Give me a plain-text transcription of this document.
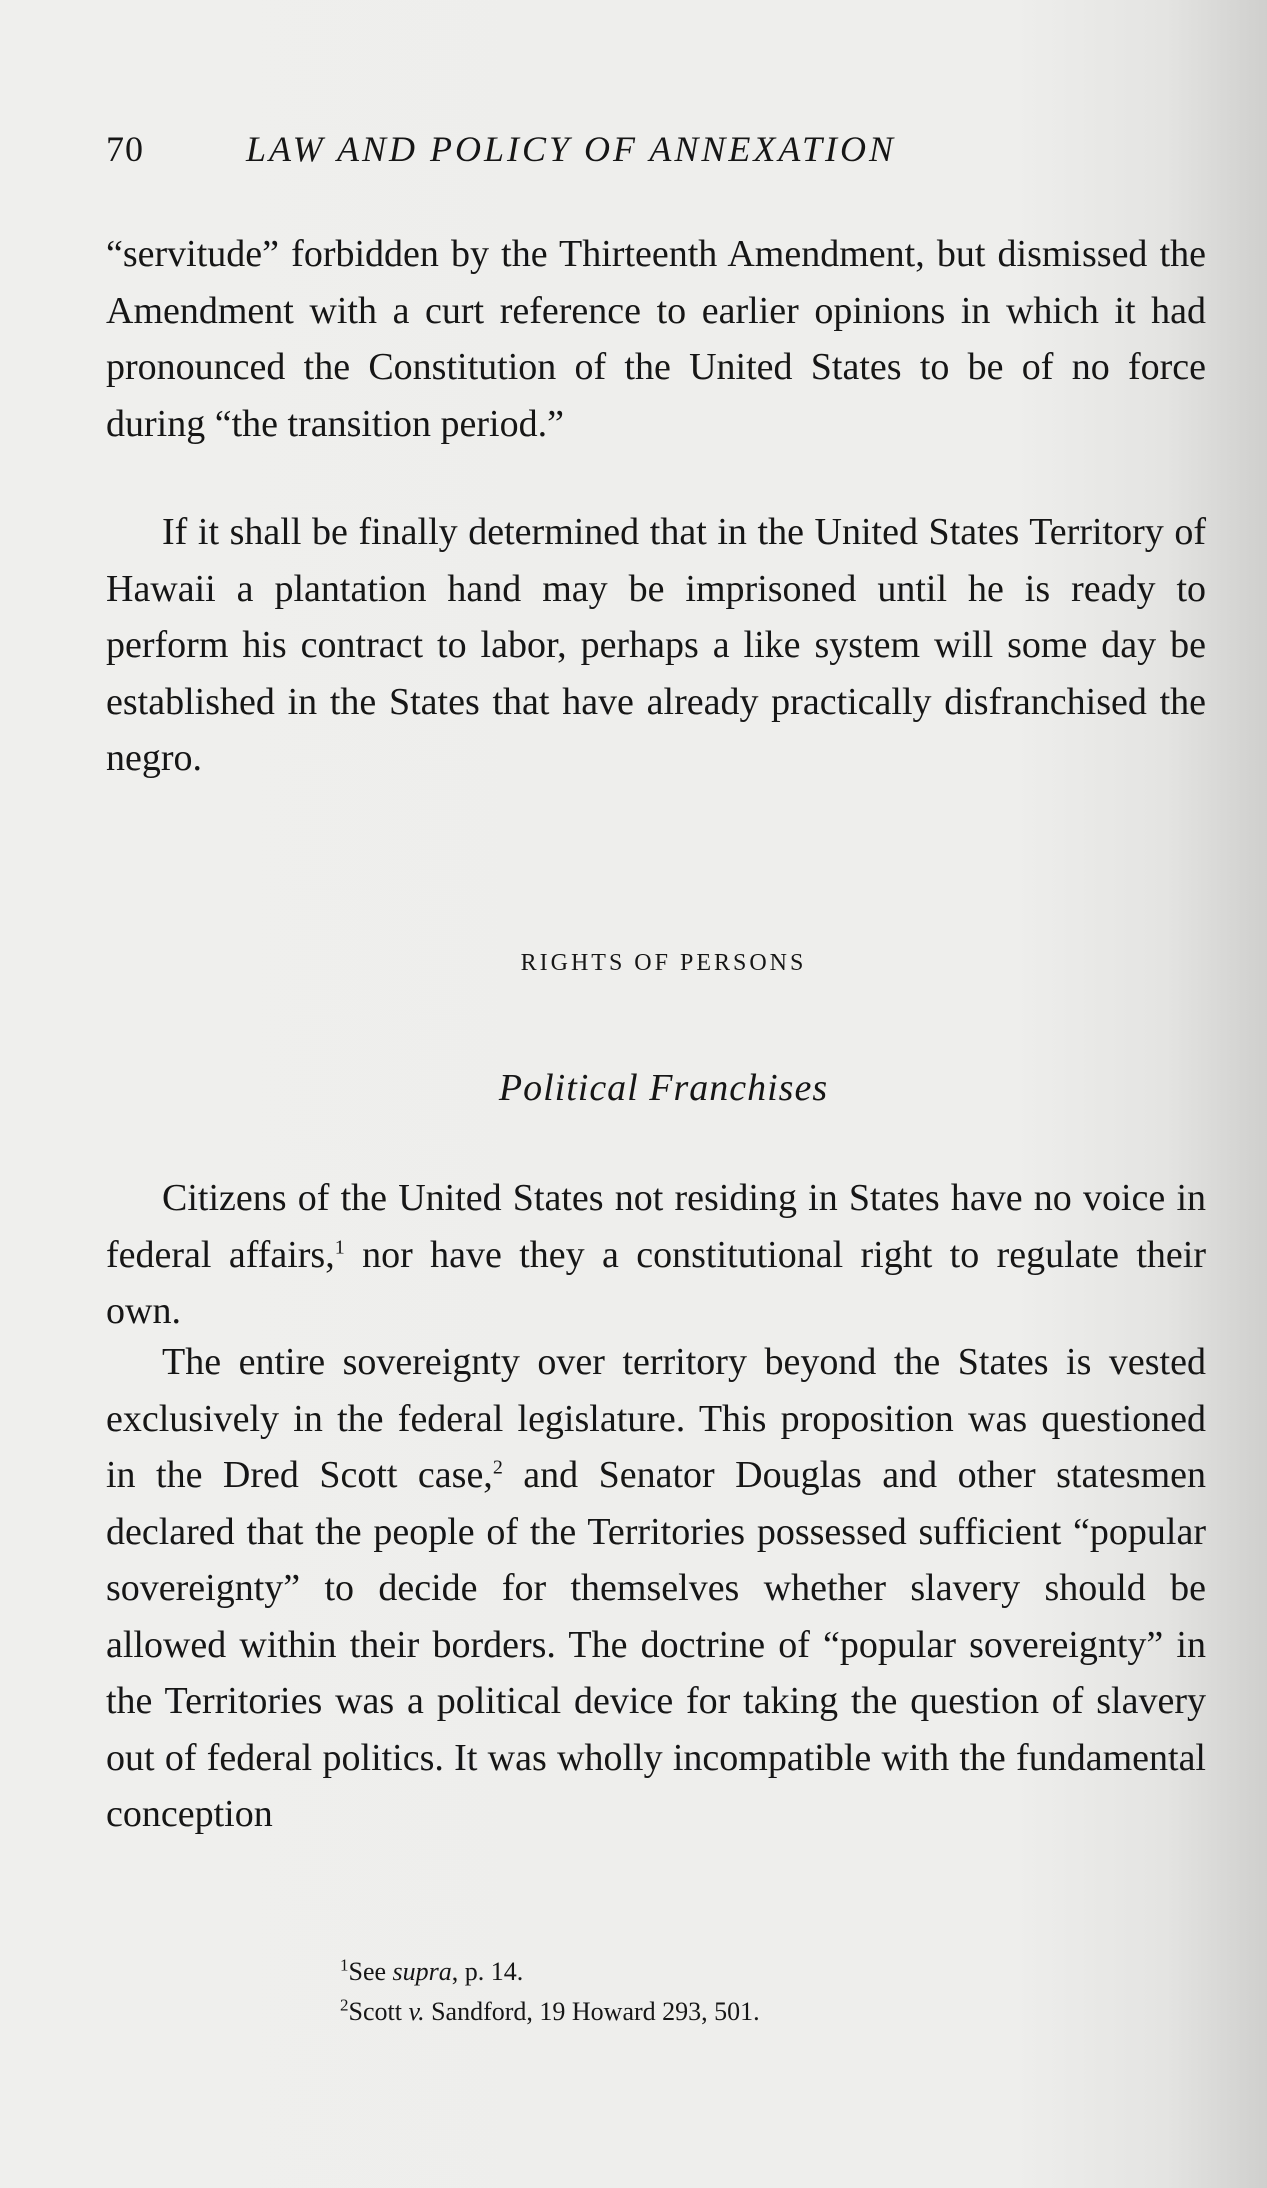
70	LAW AND POLICY OF ANNEXATION

“servitude” forbidden by the Thirteenth Amendment, but dismissed the Amendment with a curt reference to earlier opinions in which it had pronounced the Constitution of the United States to be of no force during “the transition period.”

If it shall be finally determined that in the United States Territory of Hawaii a plantation hand may be imprisoned until he is ready to perform his contract to labor, perhaps a like system will some day be established in the States that have already practically disfranchised the negro.

RIGHTS OF PERSONS
Political Franchises

Citizens of the United States not residing in States have no voice in federal affairs,$^1$ nor have they a constitutional right to regulate their own.

The entire sovereignty over territory beyond the States is vested exclusively in the federal legislature. This proposition was questioned in the Dred Scott case,$^2$ and Senator Douglas and other statesmen declared that the people of the Territories possessed sufficient “popular sovereignty” to decide for themselves whether slavery should be allowed within their borders. The doctrine of “popular sovereignty” in the Territories was a political device for taking the question of slavery out of federal politics. It was wholly incompatible with the fundamental conception

$^1$See supra, p. 14.
$^2$Scott v. Sandford, 19 Howard 293, 501.
